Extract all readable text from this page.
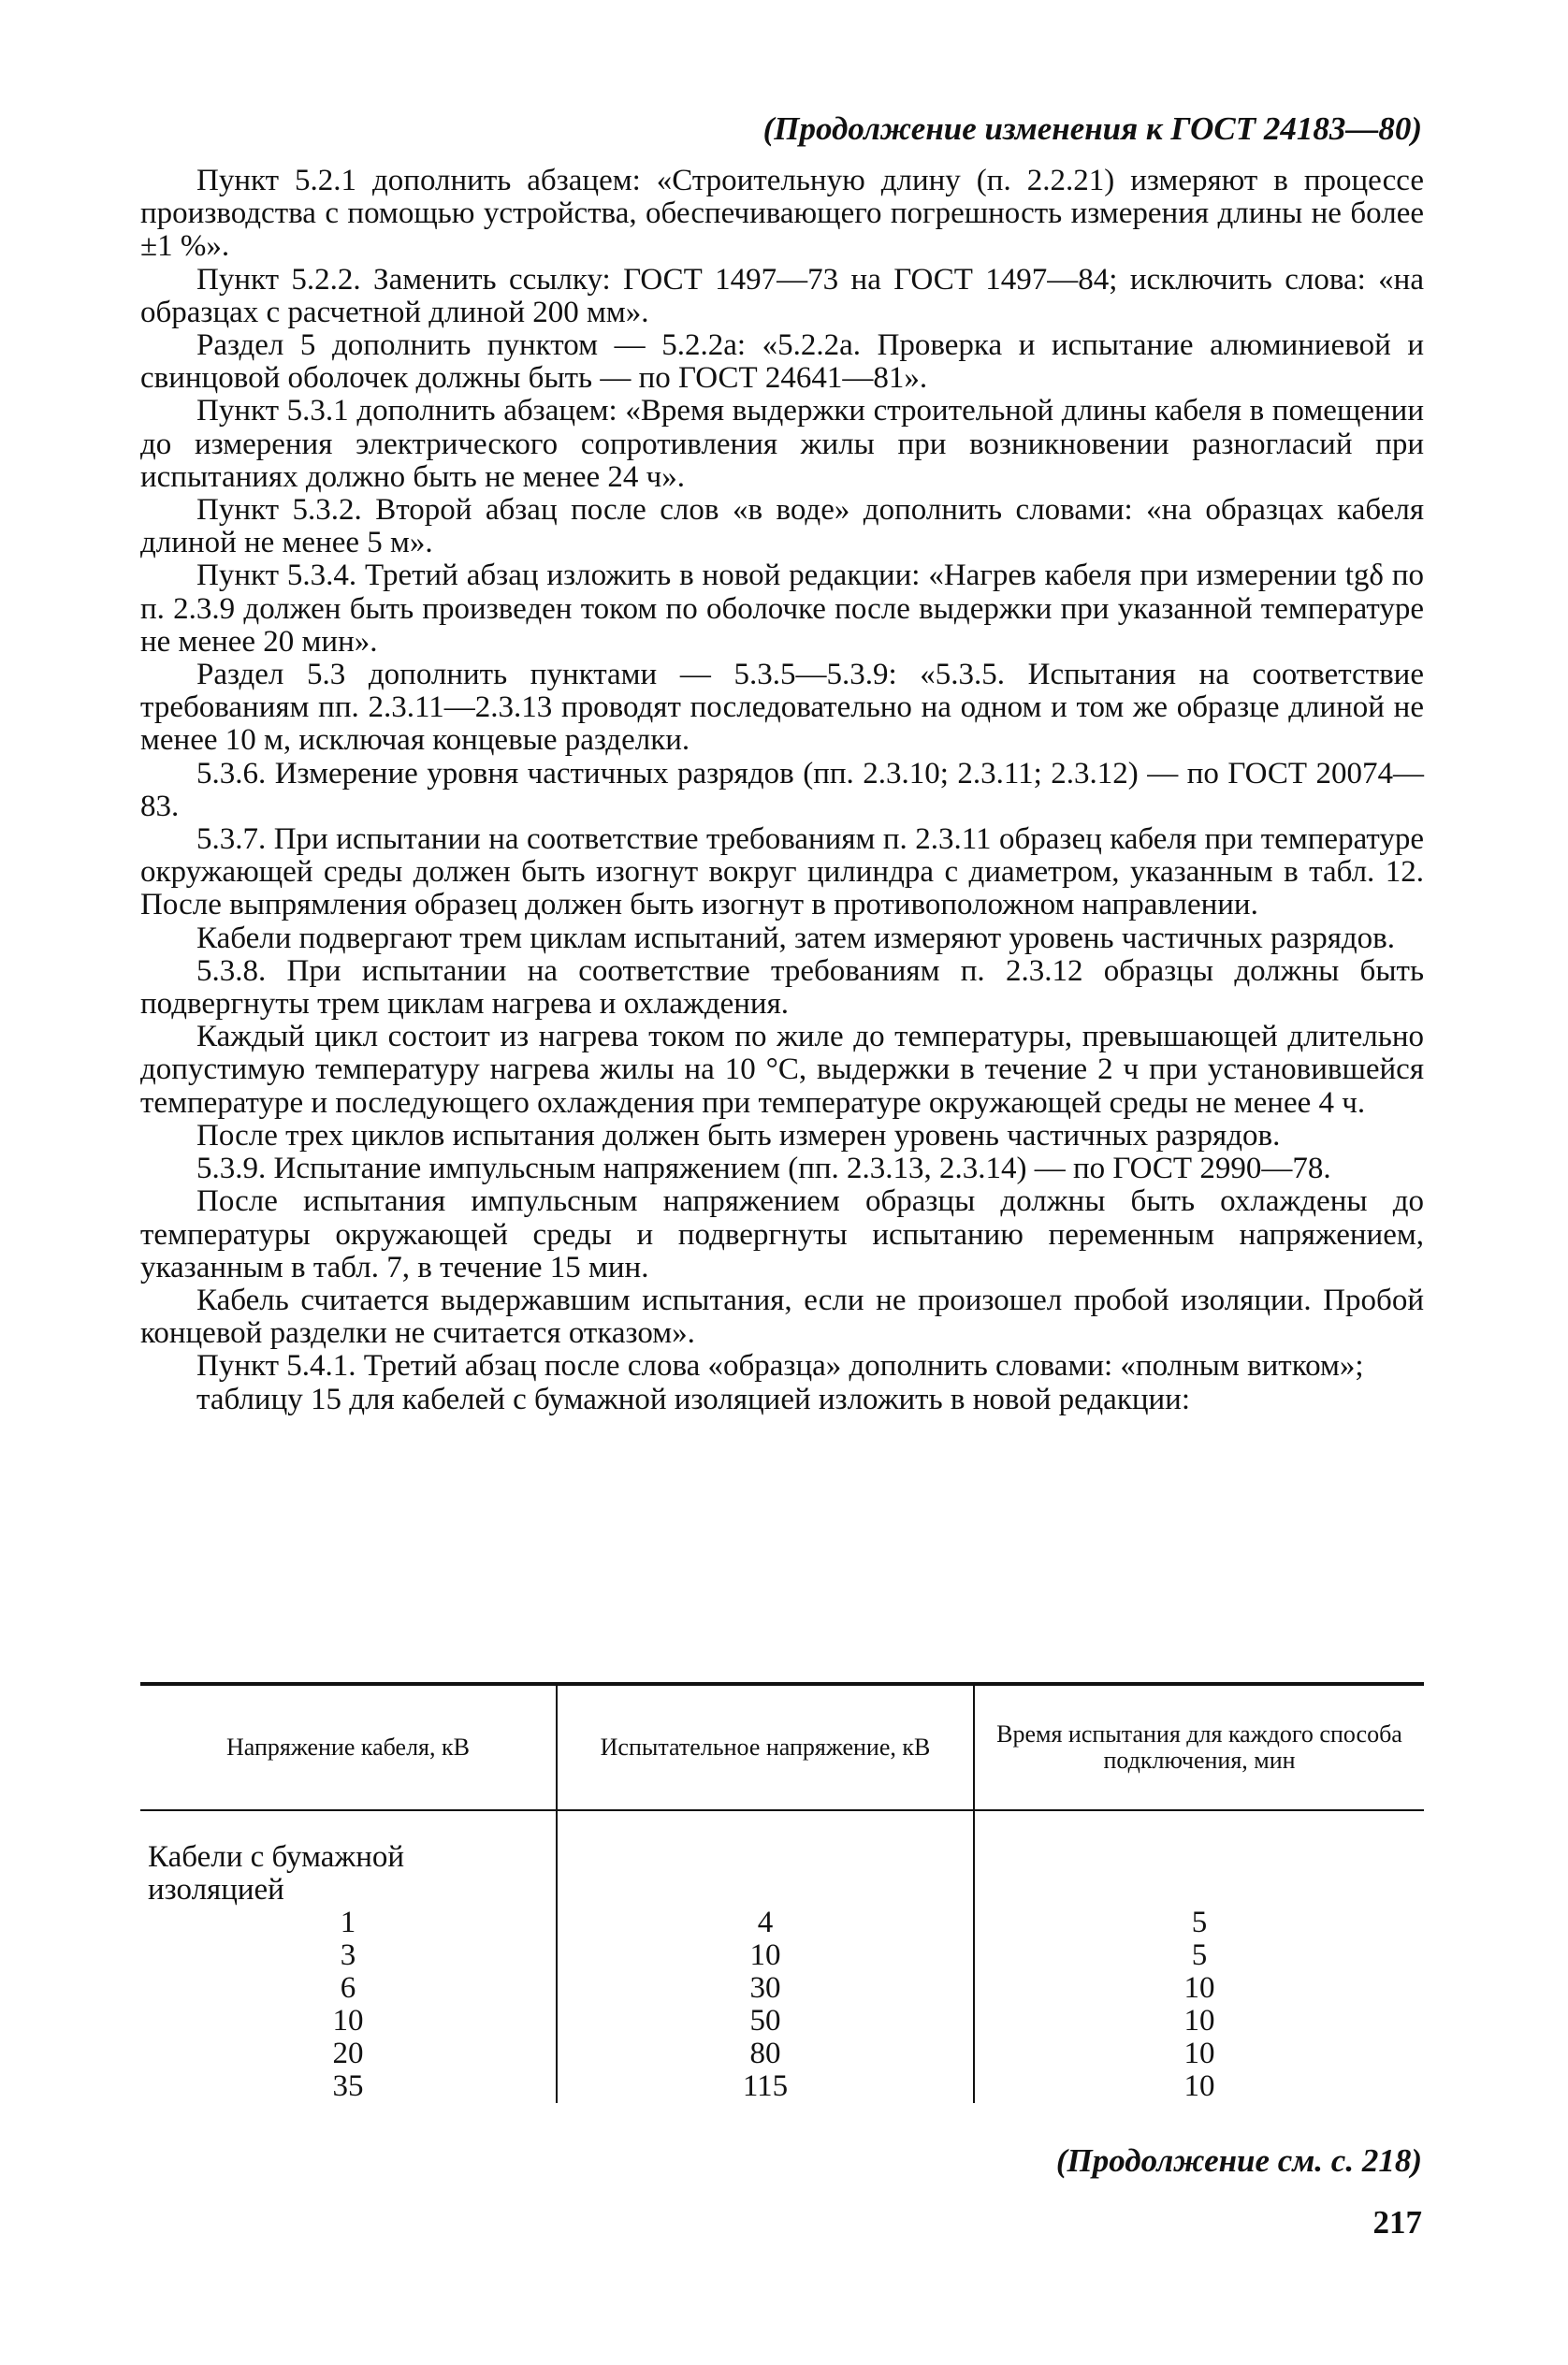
(Продолжение изменения к ГОСТ 24183—80)

Пункт 5.2.1 дополнить абзацем: «Строительную длину (п. 2.2.21) измеряют в процессе производства с помощью устройства, обеспечивающего погрешность измерения длины не более ±1 %».

Пункт 5.2.2. Заменить ссылку: ГОСТ 1497—73 на ГОСТ 1497—84; исключить слова: «на образцах с расчетной длиной 200 мм».

Раздел 5 дополнить пунктом — 5.2.2а: «5.2.2а. Проверка и испытание алюминиевой и свинцовой оболочек должны быть — по ГОСТ 24641—81».

Пункт 5.3.1 дополнить абзацем: «Время выдержки строительной длины кабеля в помещении до измерения электрического сопротивления жилы при возникновении разногласий при испытаниях должно быть не менее 24 ч».

Пункт 5.3.2. Второй абзац после слов «в воде» дополнить словами: «на образцах кабеля длиной не менее 5 м».

Пункт 5.3.4. Третий абзац изложить в новой редакции: «Нагрев кабеля при измерении tgδ по п. 2.3.9 должен быть произведен током по оболочке после выдержки при указанной температуре не менее 20 мин».

Раздел 5.3 дополнить пунктами — 5.3.5—5.3.9: «5.3.5. Испытания на соответствие требованиям пп. 2.3.11—2.3.13 проводят последовательно на одном и том же образце длиной не менее 10 м, исключая концевые разделки.

5.3.6. Измерение уровня частичных разрядов (пп. 2.3.10; 2.3.11; 2.3.12) — по ГОСТ 20074—83.

5.3.7. При испытании на соответствие требованиям п. 2.3.11 образец кабеля при температуре окружающей среды должен быть изогнут вокруг цилиндра с диаметром, указанным в табл. 12. После выпрямления образец должен быть изогнут в противоположном направлении.

Кабели подвергают трем циклам испытаний, затем измеряют уровень частичных разрядов.

5.3.8. При испытании на соответствие требованиям п. 2.3.12 образцы должны быть подвергнуты трем циклам нагрева и охлаждения.

Каждый цикл состоит из нагрева током по жиле до температуры, превышающей длительно допустимую температуру нагрева жилы на 10 °С, выдержки в течение 2 ч при установившейся температуре и последующего охлаждения при температуре окружающей среды не менее 4 ч.

После трех циклов испытания должен быть измерен уровень частичных разрядов.

5.3.9. Испытание импульсным напряжением (пп. 2.3.13, 2.3.14) — по ГОСТ 2990—78.

После испытания импульсным напряжением образцы должны быть охлаждены до температуры окружающей среды и подвергнуты испытанию переменным напряжением, указанным в табл. 7, в течение 15 мин.

Кабель считается выдержавшим испытания, если не произошел пробой изоляции. Пробой концевой разделки не считается отказом».

Пункт 5.4.1. Третий абзац после слова «образца» дополнить словами: «полным витком»;

таблицу 15 для кабелей с бумажной изоляцией изложить в новой редакции:

Напряжение кабеля, кВ	Испытательное напряжение, кВ	Время испытания для каждого способа подключения, мин

Кабели с бумажной изоляцией		

1	4	5
3	10	5
6	30	10
10	50	10
20	80	10
35	115	10
(Продолжение см. с. 218)
217
